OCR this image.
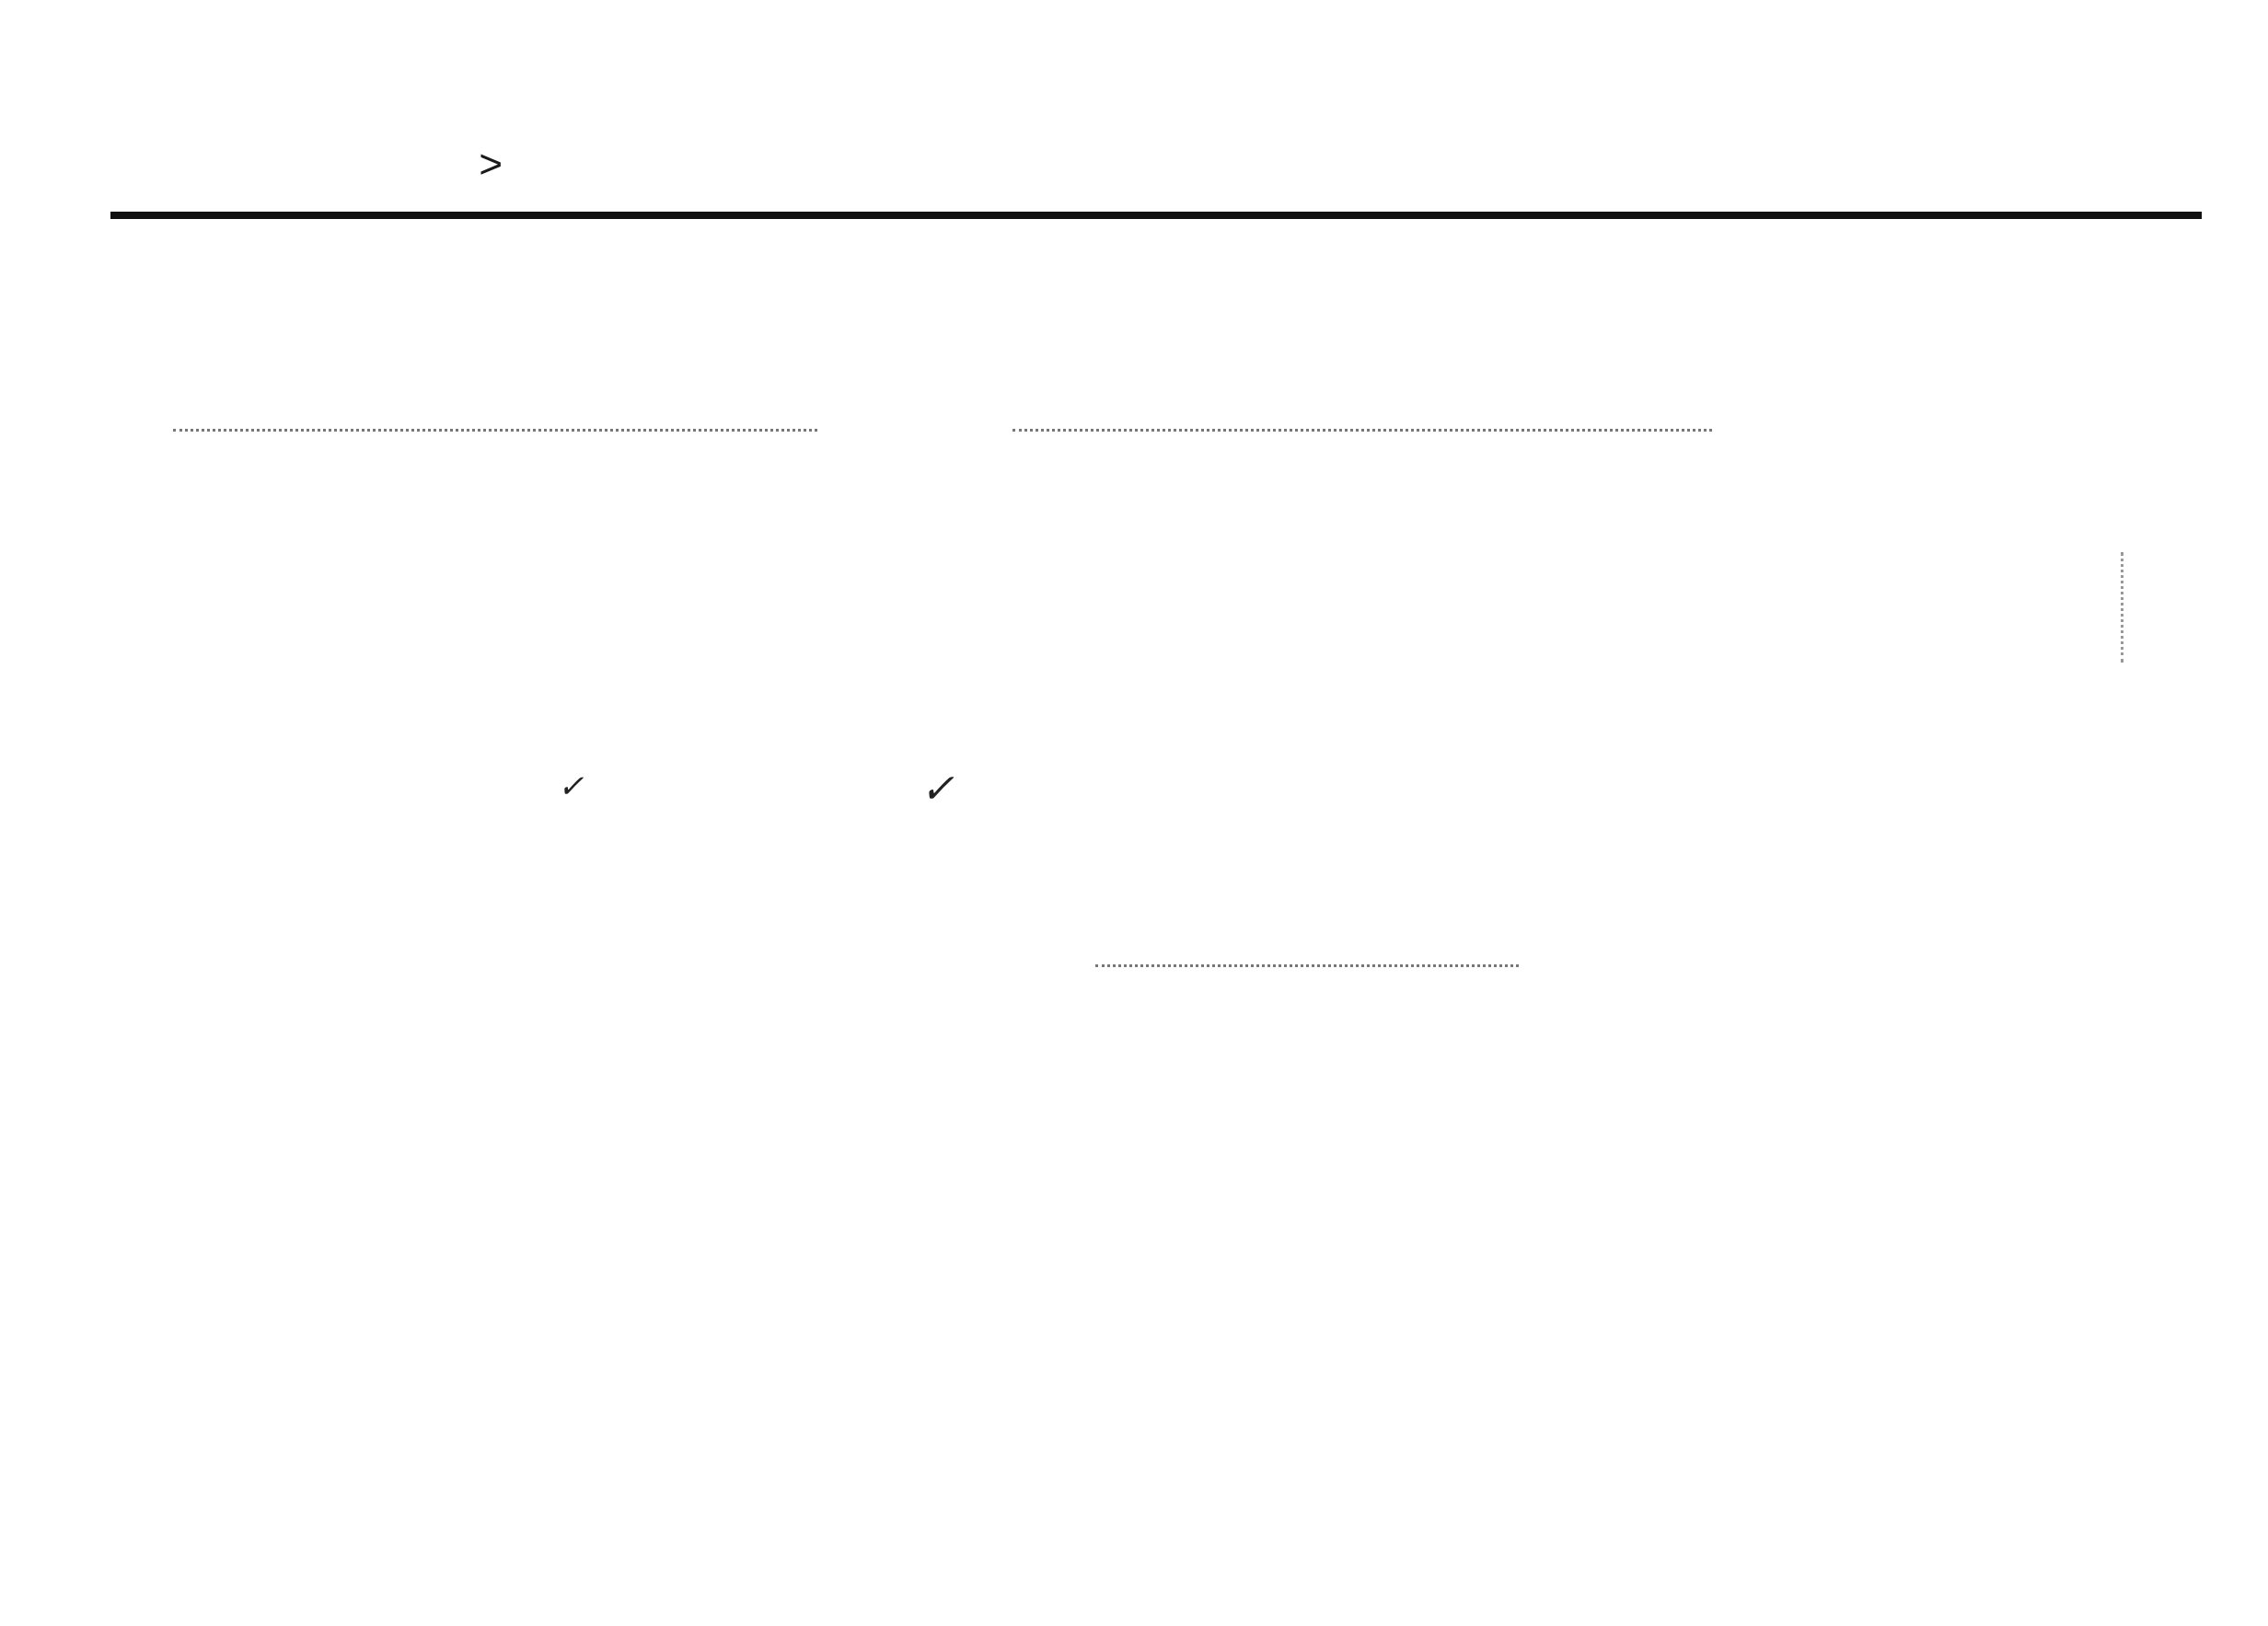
>
✓	✓
